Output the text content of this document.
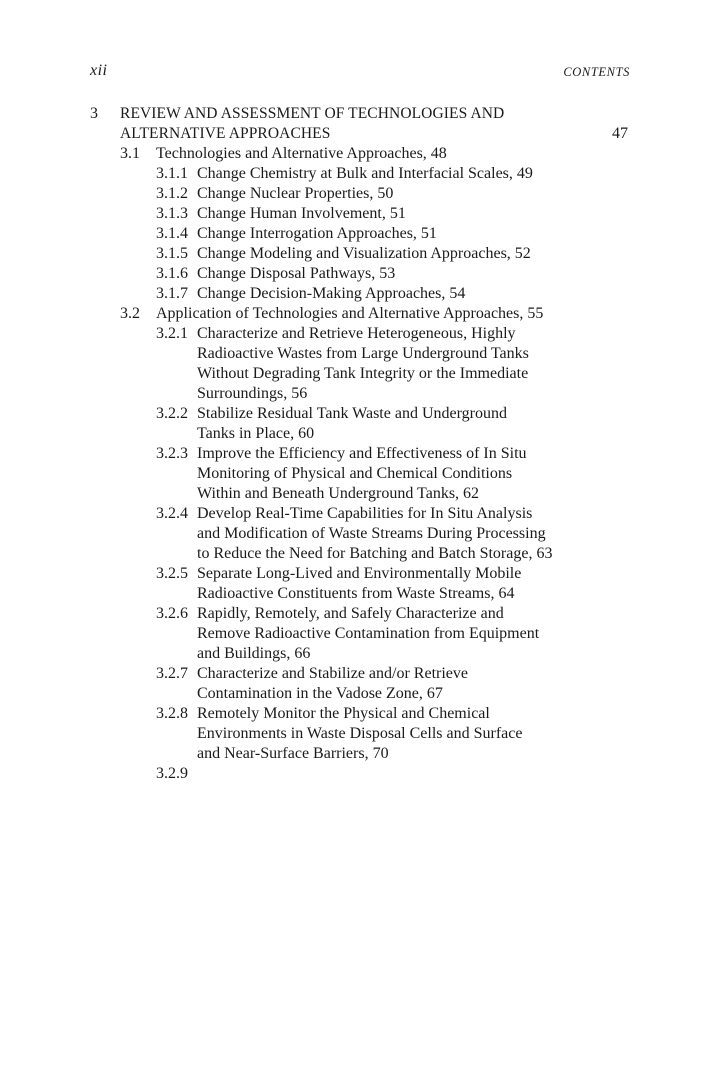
xii	CONTENTS
3 REVIEW AND ASSESSMENT OF TECHNOLOGIES AND
ALTERNATIVE APPROACHES	47
3.1 Technologies and Alternative Approaches, 48
3.1.1 Change Chemistry at Bulk and Interfacial Scales, 49
3.1.2 Change Nuclear Properties, 50
3.1.3 Change Human Involvement, 51
3.1.4 Change Interrogation Approaches, 51
3.1.5 Change Modeling and Visualization Approaches, 52
3.1.6 Change Disposal Pathways, 53
3.1.7 Change Decision-Making Approaches, 54
3.2 Application of Technologies and Alternative Approaches, 55
3.2.1 Characterize and Retrieve Heterogeneous, Highly
Radioactive Wastes from Large Underground Tanks
Without Degrading Tank Integrity or the Immediate
Surroundings, 56
3.2.2 Stabilize Residual Tank Waste and Underground
Tanks in Place, 60
3.2.3 Improve the Efficiency and Effectiveness of In Situ
Monitoring of Physical and Chemical Conditions
Within and Beneath Underground Tanks, 62
3.2.4 Develop Real-Time Capabilities for In Situ Analysis
and Modification of Waste Streams During Processing
to Reduce the Need for Batching and Batch Storage, 63
3.2.5 Separate Long-Lived and Environmentally Mobile
Radioactive Constituents from Waste Streams, 64
3.2.6 Rapidly, Remotely, and Safely Characterize and
Remove Radioactive Contamination from Equipment
and Buildings, 66
3.2.7 Characterize and Stabilize and/or Retrieve
Contamination in the Vadose Zone, 67
3.2.8 Remotely Monitor the Physical and Chemical
Environments in Waste Disposal Cells and Surface
and Near-Surface Barriers, 70
3.2.9
